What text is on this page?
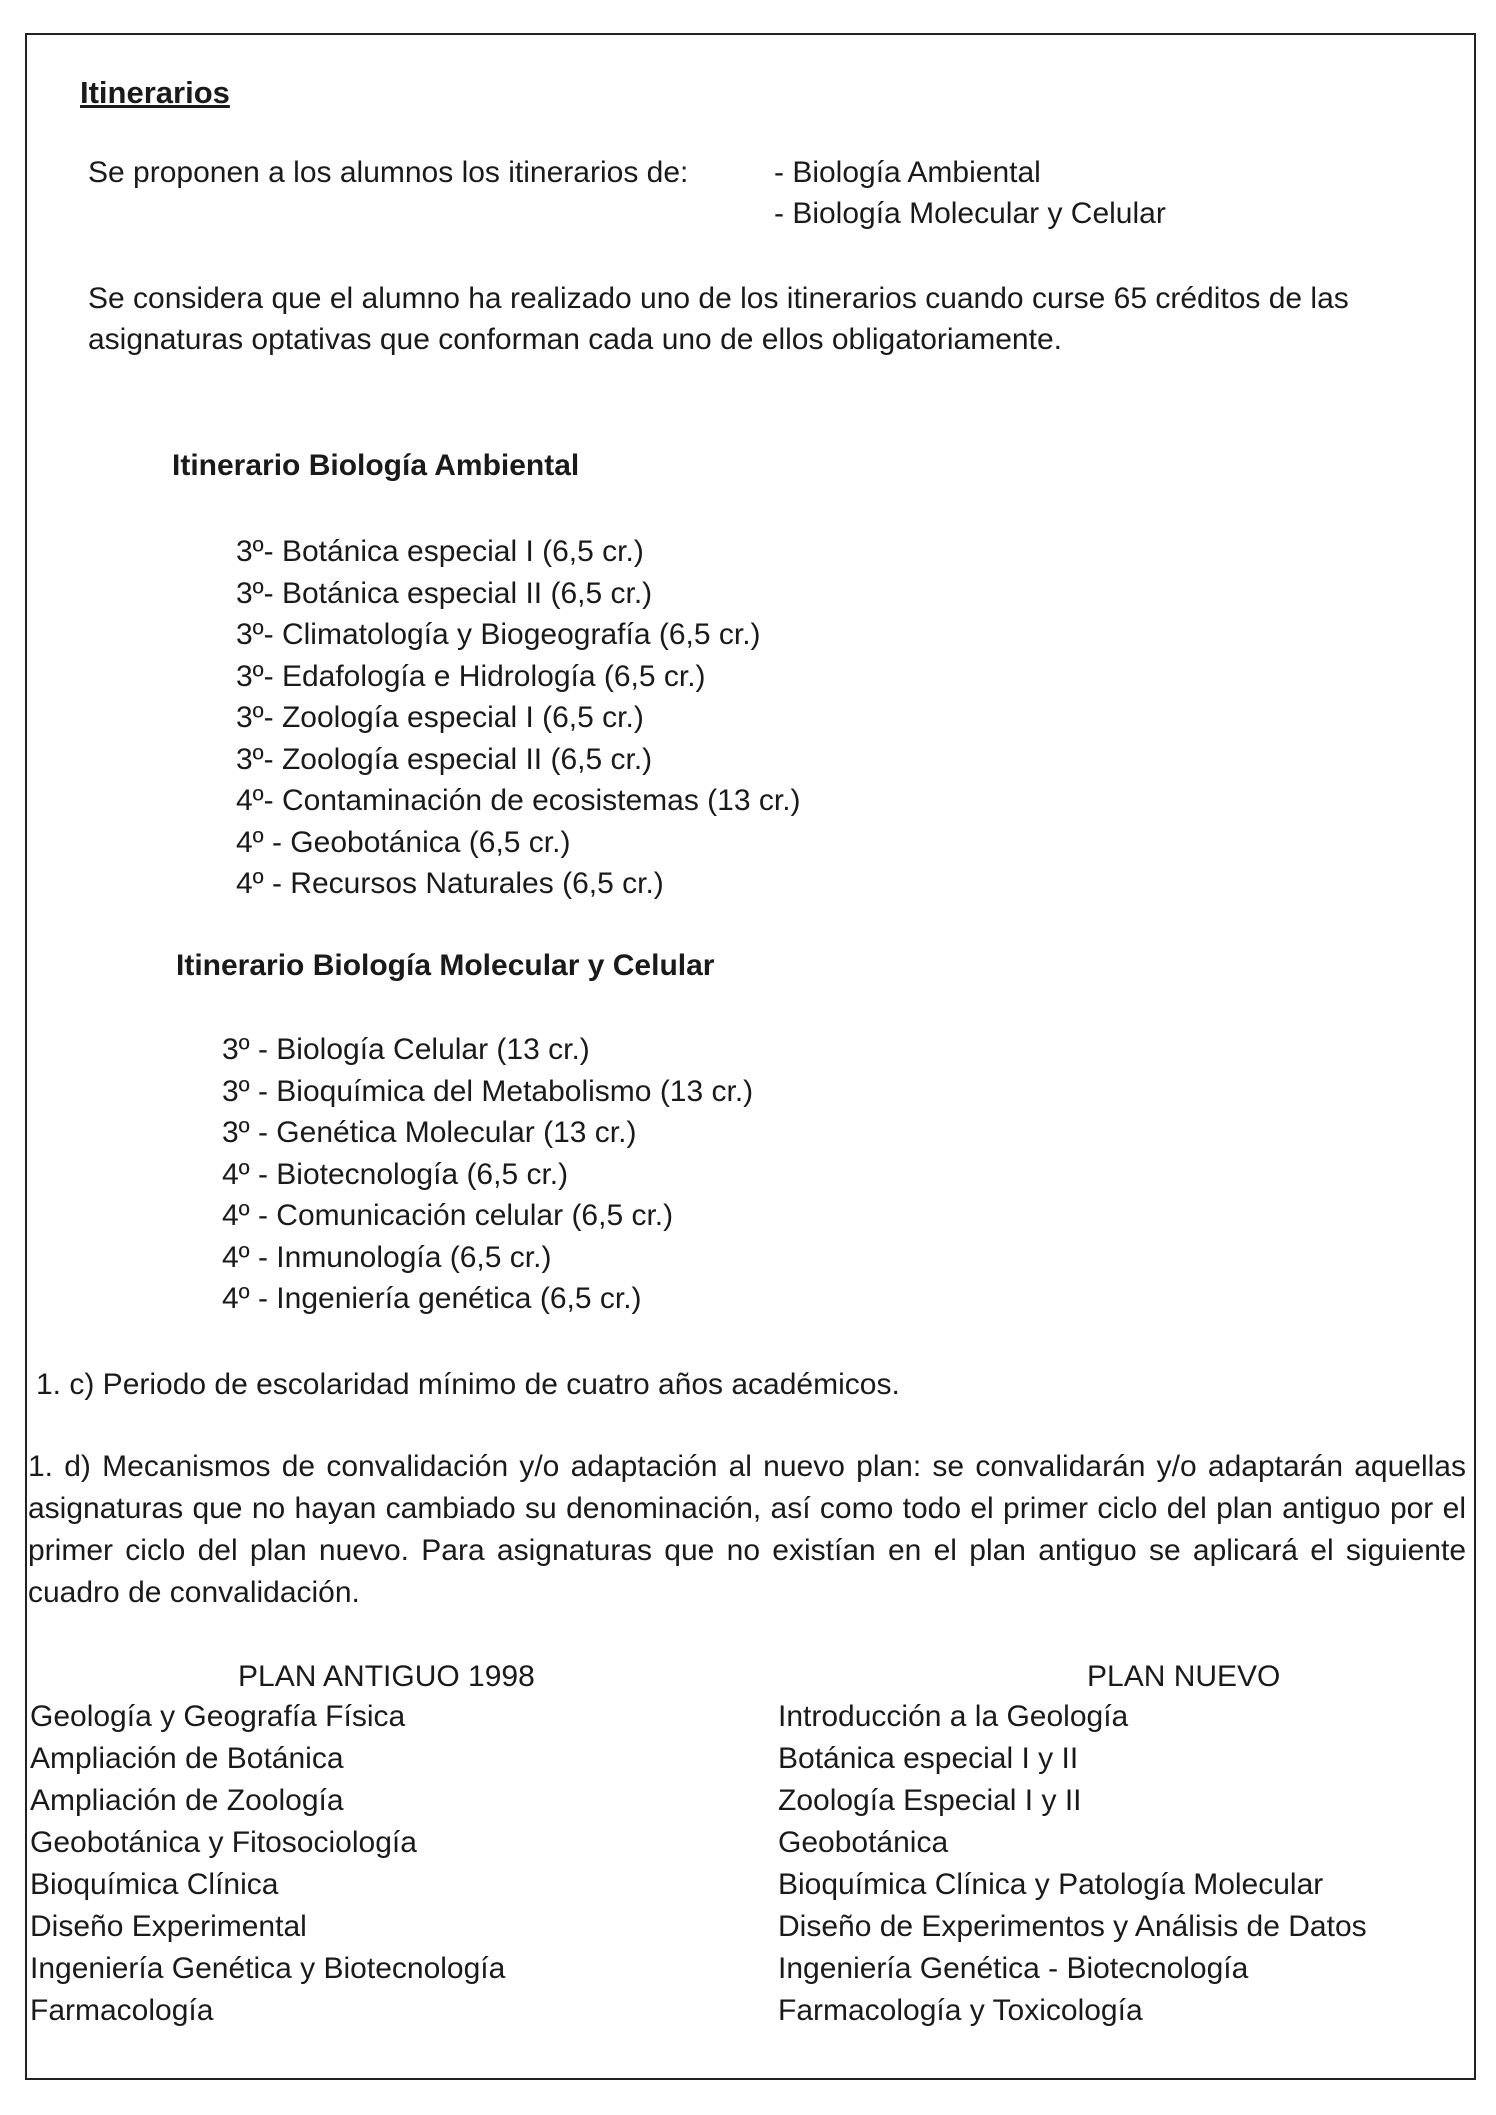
Itinerarios
Se proponen a los alumnos los itinerarios de:	- Biología Ambiental
- Biología Molecular y Celular
Se considera que el alumno ha realizado uno de los itinerarios cuando curse 65 créditos de las asignaturas optativas que conforman cada uno de ellos obligatoriamente.
Itinerario Biología Ambiental
3º- Botánica especial I (6,5 cr.)
3º- Botánica especial II (6,5 cr.)
3º- Climatología y Biogeografía (6,5 cr.)
3º- Edafología e Hidrología (6,5 cr.)
3º- Zoología especial I (6,5 cr.)
3º- Zoología especial II (6,5 cr.)
4º- Contaminación de ecosistemas (13 cr.)
4º - Geobotánica (6,5 cr.)
4º - Recursos Naturales (6,5 cr.)
Itinerario Biología Molecular y Celular
3º - Biología Celular (13 cr.)
3º - Bioquímica del Metabolismo (13 cr.)
3º - Genética Molecular (13 cr.)
4º - Biotecnología (6,5 cr.)
4º - Comunicación celular (6,5 cr.)
4º - Inmunología (6,5 cr.)
4º - Ingeniería genética (6,5 cr.)
1. c) Periodo de escolaridad mínimo de cuatro años académicos.
1. d) Mecanismos de convalidación y/o adaptación al nuevo plan: se convalidarán y/o adaptarán aquellas asignaturas que no hayan cambiado su denominación, así como todo el primer ciclo del plan antiguo por el primer ciclo del plan nuevo. Para asignaturas que no existían en el plan antiguo se aplicará el siguiente cuadro de convalidación.
PLAN ANTIGUO 1998	PLAN NUEVO
Geología y Geografía Física
Ampliación de Botánica
Ampliación de Zoología
Geobotánica y Fitosociología
Bioquímica Clínica
Diseño Experimental
Ingeniería Genética y Biotecnología
Farmacología
Introducción a la Geología
Botánica especial I y II
Zoología Especial I y II
Geobotánica
Bioquímica Clínica y Patología Molecular
Diseño de Experimentos y Análisis de Datos
Ingeniería Genética - Biotecnología
Farmacología y Toxicología
